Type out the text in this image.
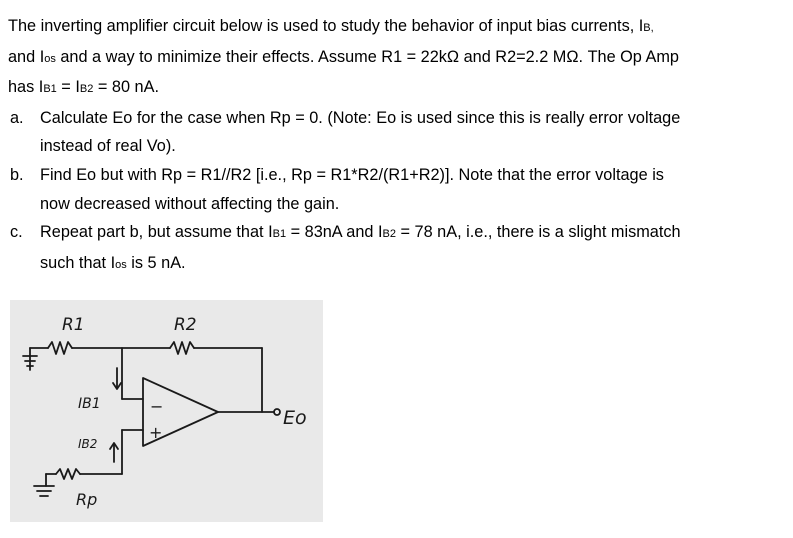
The inverting amplifier circuit below is used to study the behavior of input bias currents, IB,
and Ios and a way to minimize their effects. Assume R1 = 22kΩ and R2=2.2 MΩ. The Op Amp
has IB1 = IB2 = 80 nA.
a. Calculate Eo for the case when Rp = 0. (Note: Eo is used since this is really error voltage
instead of real Vo).
b. Find Eo but with Rp = R1//R2 [i.e., Rp = R1*R2/(R1+R2)]. Note that the error voltage is
now decreased without affecting the gain.
c. Repeat part b, but assume that IB1 = 83nA and IB2 = 78 nA, i.e., there is a slight mismatch
such that Ios is 5 nA.
R1	R2
IB1
IB2
Rp
Eo
−
+
